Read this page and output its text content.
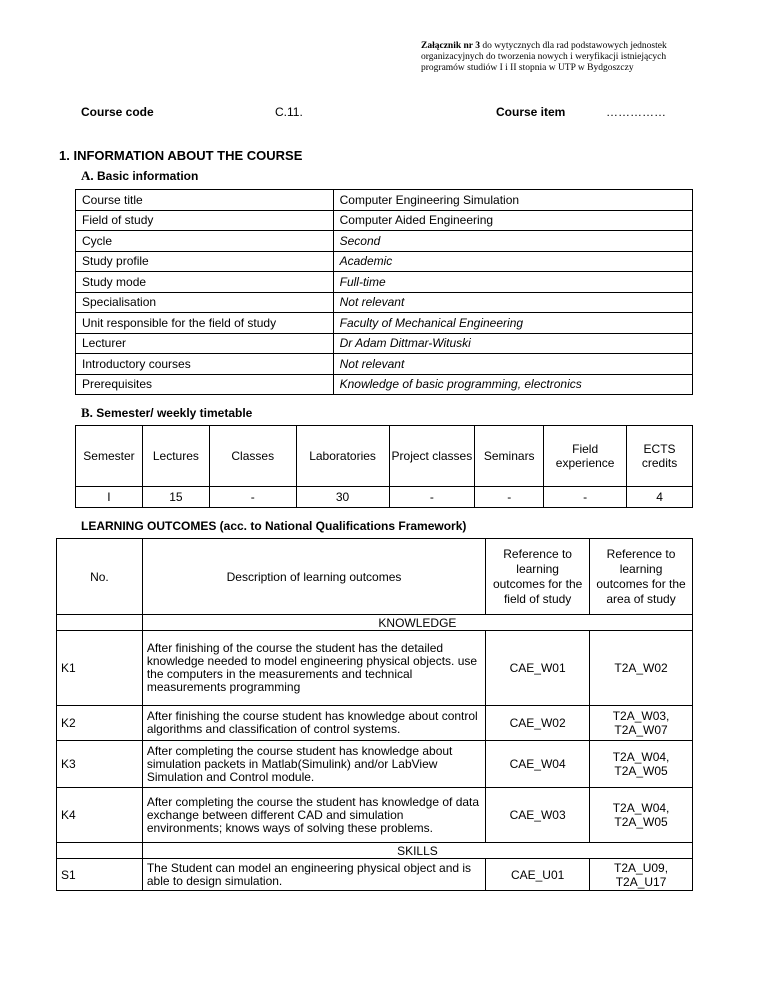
Załącznik nr 3 do wytycznych dla rad podstawowych jednostek organizacyjnych do tworzenia nowych i weryfikacji istniejących programów studiów I i II stopnia w UTP w Bydgoszczy
Course code	C.11.	Course item	……………
1. INFORMATION ABOUT THE COURSE
A. Basic information
Course title	Computer Engineering Simulation
Field of study	Computer Aided Engineering
Cycle	Second
Study profile	Academic
Study mode	Full-time
Specialisation	Not relevant
Unit responsible for the field of study	Faculty of Mechanical Engineering
Lecturer	Dr Adam Dittmar-Wituski
Introductory courses	Not relevant
Prerequisites	Knowledge of basic programming, electronics
B. Semester/ weekly timetable
Semester	Lectures	Classes	Laboratories	Project classes	Seminars	Field experience	ECTS credits
I	15	-	30	-	-	-	4
LEARNING OUTCOMES (acc. to National Qualifications Framework)
No.	Description of learning outcomes	Reference to learning outcomes for the field of study	Reference to learning outcomes for the area of study
	KNOWLEDGE		
K1	After finishing of the course the student has the detailed knowledge needed to model engineering physical objects. use the computers in the measurements and technical measurements programming	CAE_W01	T2A_W02
K2	After finishing the course student has knowledge about control algorithms and classification of control systems.	CAE_W02	T2A_W03, T2A_W07
K3	After completing the course student has knowledge about simulation packets in Matlab(Simulink) and/or LabView Simulation and Control module.	CAE_W04	T2A_W04, T2A_W05
K4	After completing the course the student has knowledge of data exchange between different CAD and simulation environments; knows ways of solving these problems.	CAE_W03	T2A_W04, T2A_W05
	SKILLS		
S1	The Student can model an engineering physical object and is able to design simulation.	CAE_U01	T2A_U09, T2A_U17
